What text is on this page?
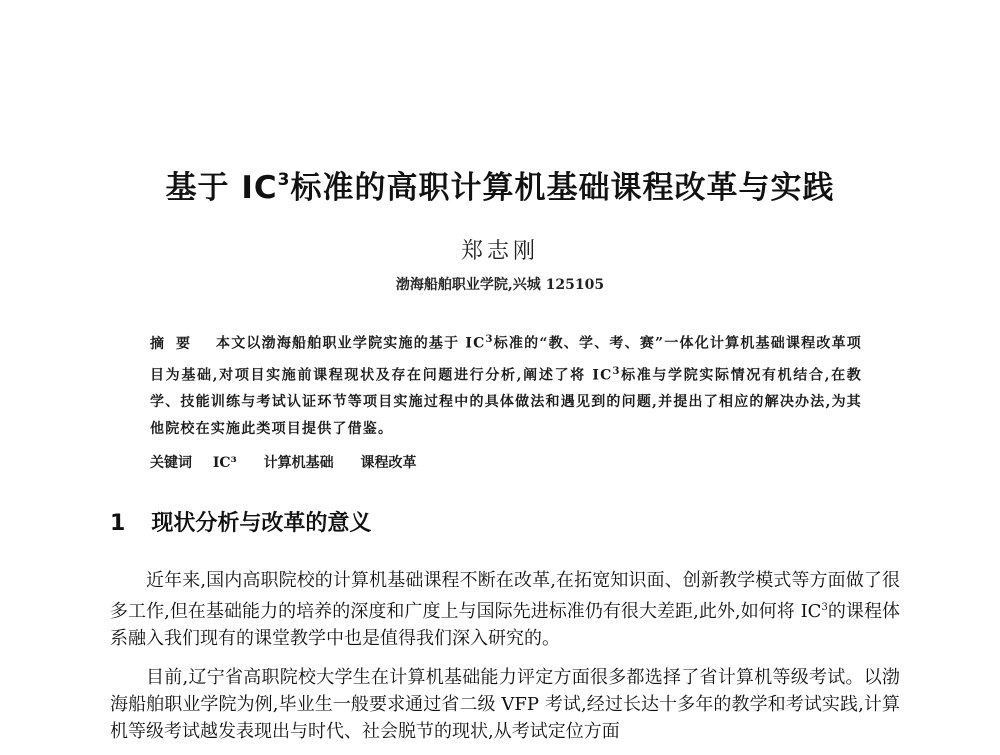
基于 $IC^3$标准的高职计算机基础课程改革与实践
郑志刚
渤海船舶职业学院,兴城 125105
摘要 本文以渤海船舶职业学院实施的基于 $IC^3$标准的“教、学、考、赛”一体化计算机基础课程改革项目为基础,对项目实施前课程现状及存在问题进行分析,阐述了将 $IC^3$标准与学院实际情况有机结合,在教学、技能训练与考试认证环节等项目实施过程中的具体做法和遇见到的问题,并提出了相应的解决办法,为其他院校在实施此类项目提供了借鉴。
关键词 IC³ 计算机基础 课程改革
1 现状分析与改革的意义

近年来,国内高职院校的计算机基础课程不断在改革,在拓宽知识面、创新教学模式等方面做了很多工作,但在基础能力的培养的深度和广度上与国际先进标准仍有很大差距,此外,如何将 $IC^3$的课程体系融入我们现有的课堂教学中也是值得我们深入研究的。

目前,辽宁省高职院校大学生在计算机基础能力评定方面很多都选择了省计算机等级考试。以渤海船舶职业学院为例,毕业生一般要求通过省二级 VFP 考试,经过长达十多年的教学和考试实践,计算机等级考试越发表现出与时代、社会脱节的现状,从考试定位方面
